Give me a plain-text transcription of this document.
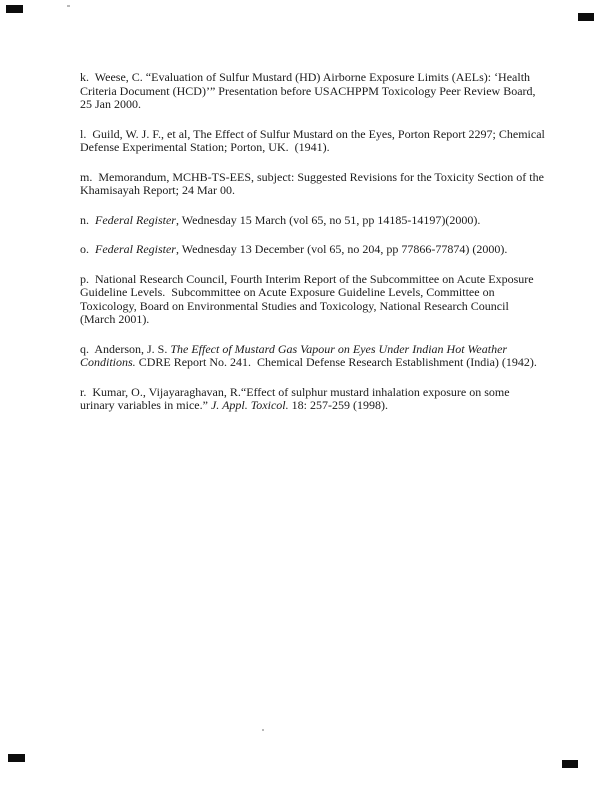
k.  Weese, C. “Evaluation of Sulfur Mustard (HD) Airborne Exposure Limits (AELs): ‘Health
Criteria Document (HCD)’” Presentation before USACHPPM Toxicology Peer Review Board,
25 Jan 2000.

l.  Guild, W. J. F., et al, The Effect of Sulfur Mustard on the Eyes, Porton Report 2297; Chemical
Defense Experimental Station; Porton, UK.  (1941).

m.  Memorandum, MCHB-TS-EES, subject: Suggested Revisions for the Toxicity Section of the
Khamisayah Report; 24 Mar 00.

n.  Federal Register, Wednesday 15 March (vol 65, no 51, pp 14185-14197)(2000).

o.  Federal Register, Wednesday 13 December (vol 65, no 204, pp 77866-77874) (2000).

p.  National Research Council, Fourth Interim Report of the Subcommittee on Acute Exposure
Guideline Levels.  Subcommittee on Acute Exposure Guideline Levels, Committee on
Toxicology, Board on Environmental Studies and Toxicology, National Research Council
(March 2001).

q.  Anderson, J. S. The Effect of Mustard Gas Vapour on Eyes Under Indian Hot Weather
Conditions. CDRE Report No. 241.  Chemical Defense Research Establishment (India) (1942).

r.  Kumar, O., Vijayaraghavan, R.“Effect of sulphur mustard inhalation exposure on some
urinary variables in mice.” J. Appl. Toxicol. 18: 257-259 (1998).
